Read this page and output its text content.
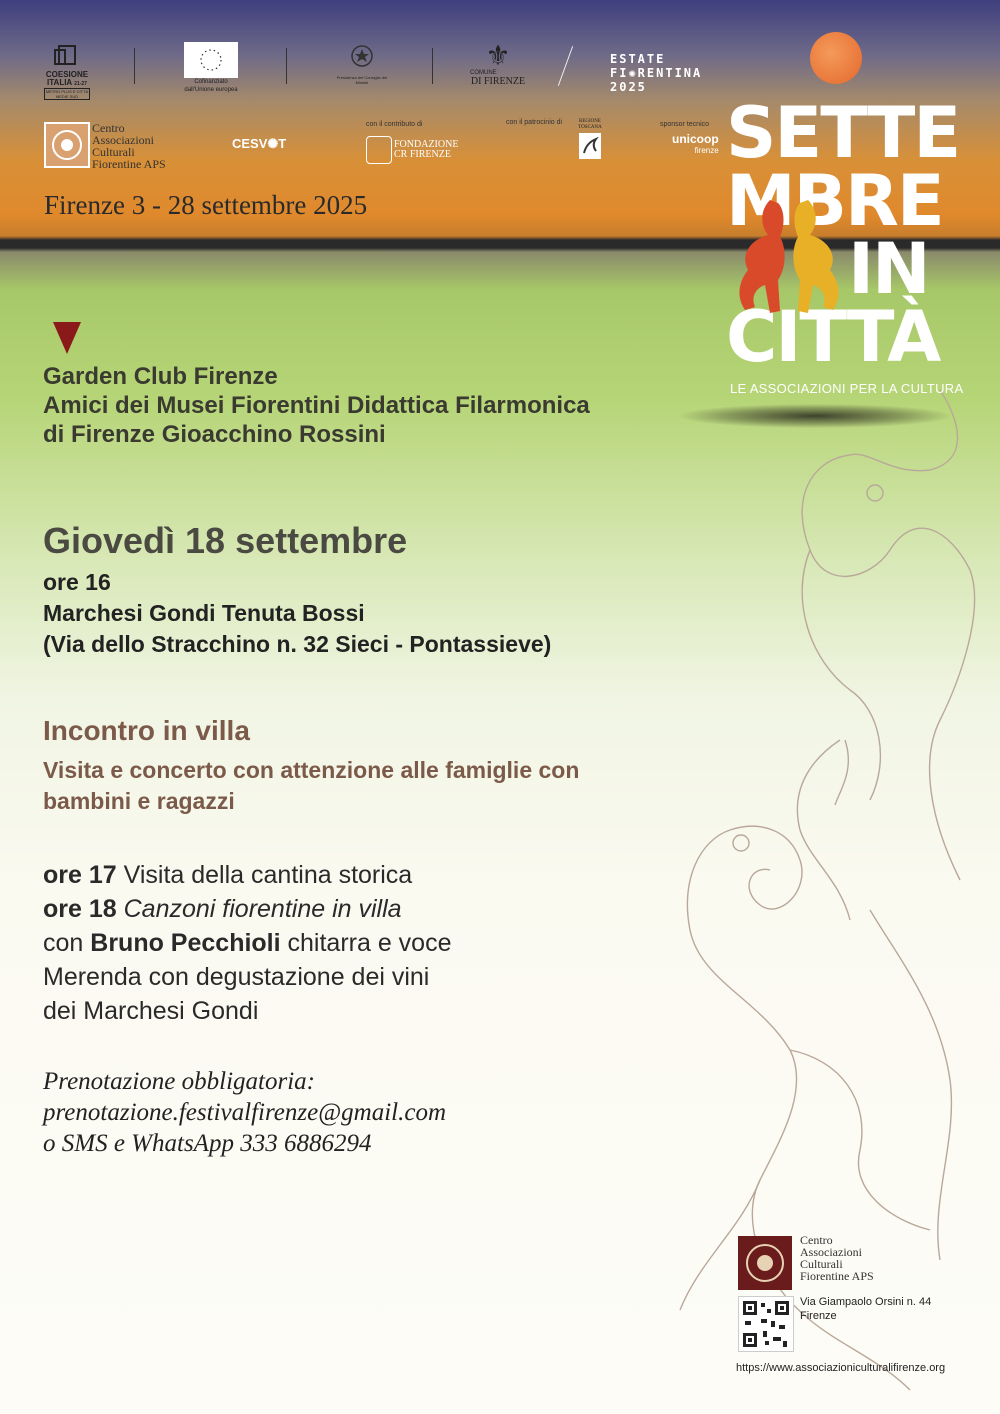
COESIONE
ITALIA 21-27
METRO PLUS E CITTÀ MEDIE SUD
Cofinanziato
dall'Unione europea
Presidenza del Consiglio dei Ministri
⚜
COMUNE
DI FIRENZE
ESTATE
FI✺RENTINA
2025
Centro
Associazioni
Culturali
Fiorentine APS
CESV✺T
con il contributo di
FONDAZIONE
CR FIRENZE
con il patrocinio di	REGIONE
TOSCANA	sponsor tecnico
unicoop
firenze
Firenze 3 - 28 settembre 2025
SETTE
MBRE
IN
CITTÀ
LE ASSOCIAZIONI PER LA CULTURA
Garden Club Firenze
Amici dei Musei Fiorentini Didattica Filarmonica
di Firenze Gioacchino Rossini
Giovedì 18 settembre
ore 16
Marchesi Gondi Tenuta Bossi
(Via dello Stracchino n. 32 Sieci - Pontassieve)
Incontro in villa
Visita e concerto con attenzione alle famiglie con
bambini e ragazzi
ore 17 Visita della cantina storica
ore 18 Canzoni fiorentine in villa
con Bruno Pecchioli chitarra e voce
Merenda con degustazione dei vini
dei Marchesi Gondi
Prenotazione obbligatoria:
prenotazione.festivalfirenze@gmail.com
o SMS e WhatsApp 333 6886294
Centro
Associazioni
Culturali
Fiorentine APS
Via Giampaolo Orsini n. 44
Firenze
https://www.associazioniculturalifirenze.org
